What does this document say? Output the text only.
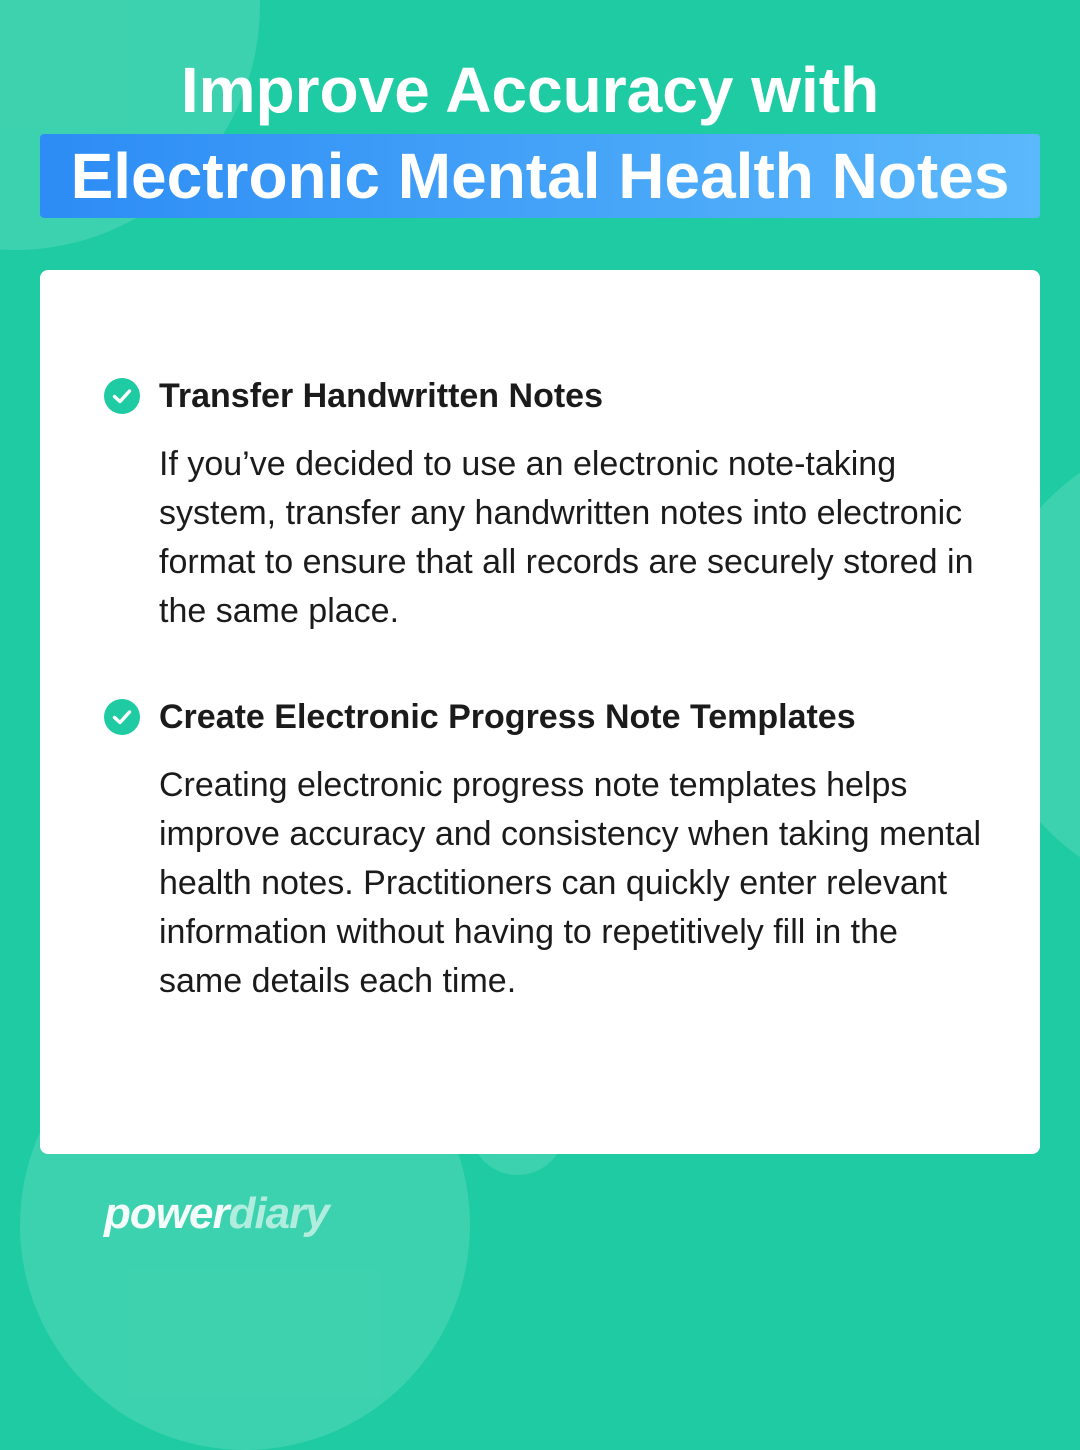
Improve Accuracy with
Electronic Mental Health Notes
Transfer Handwritten Notes

If you’ve decided to use an electronic note-taking system, transfer any handwritten notes into electronic format to ensure that all records are securely stored in the same place.

Create Electronic Progress Note Templates

Creating electronic progress note templates helps improve accuracy and consistency when taking mental health notes. Practitioners can quickly enter relevant information without having to repetitively fill in the same details each time.

powerdiary
